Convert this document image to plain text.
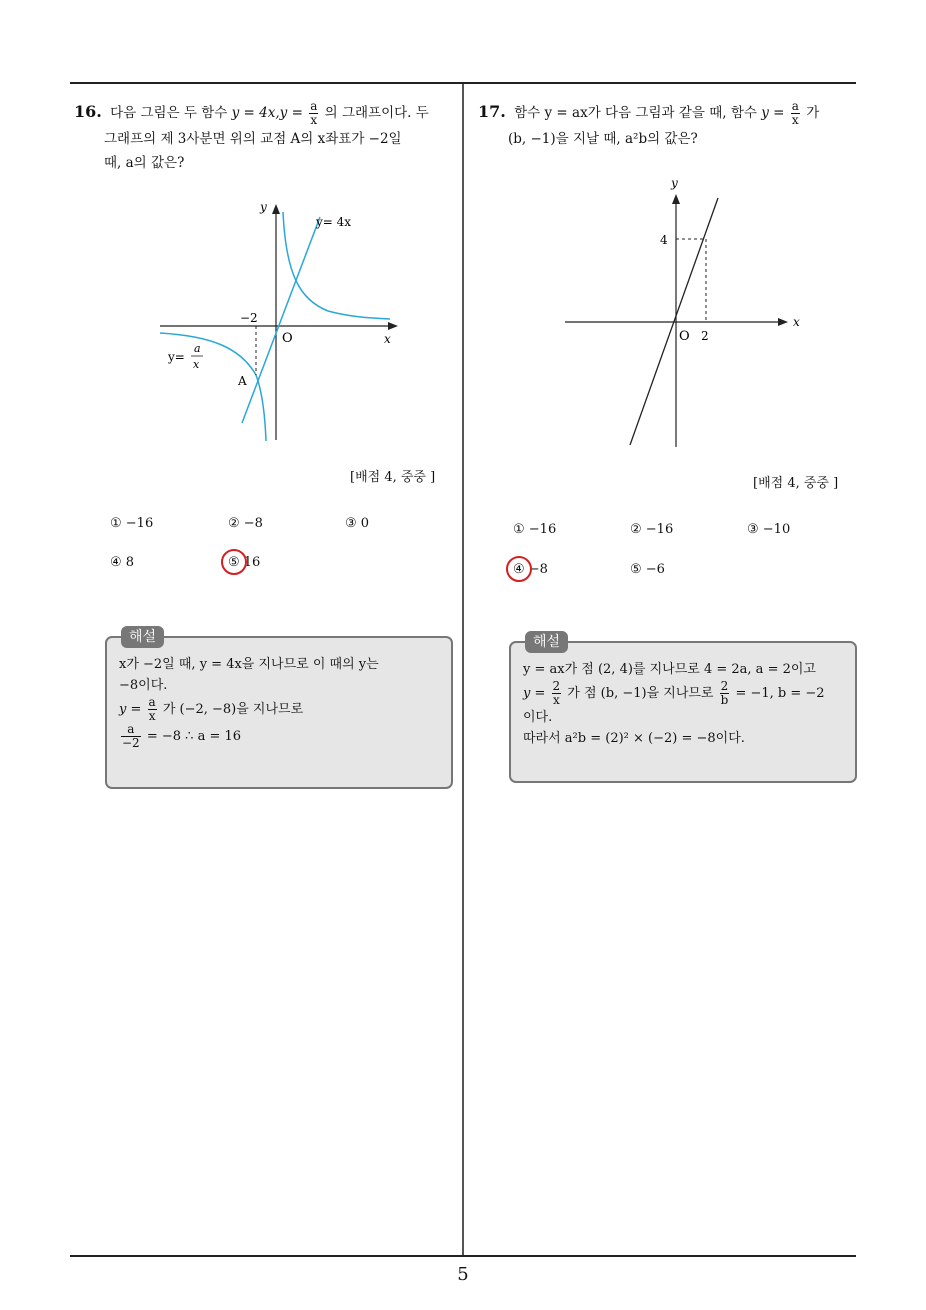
5
16. 다음 그림은 두 함수 $y = 4x,y = \frac{a}{x}$ 의 그래프이다. 두
그래프의 제 3사분면 위의 교점 A의 x좌표가 −2일
때, a의 값은?
y
x
O
y= 4x
−2
A
y=
a
x
[배점 4, 중중 ]
① −16	② −8	③ 0
④ 8	⑤ 16
해설
x가 −2일 때, y = 4x을 지나므로 이 때의 y는
−8이다.
$y = \frac{a}{x}$ 가 (−2, −8)을 지나므로
$\frac{a}{-2} = -8$ ∴ a = 16
17. 함수 y = ax가 다음 그림과 같을 때, 함수 $y = \frac{a}{x}$ 가
(b, −1)을 지날 때, a²b의 값은?
y
x
O 2
4
[배점 4, 중중 ]
① −16	② −16	③ −10
④ −8	⑤ −6
해설
y = ax가 점 (2, 4)를 지나므로 4 = 2a, a = 2이고
$y = \frac{2}{x}$ 가 점 (b, −1)을 지나므로 $\frac{2}{b} = -1$, b = −2
이다.
따라서 a²b = (2)² × (−2) = −8이다.
